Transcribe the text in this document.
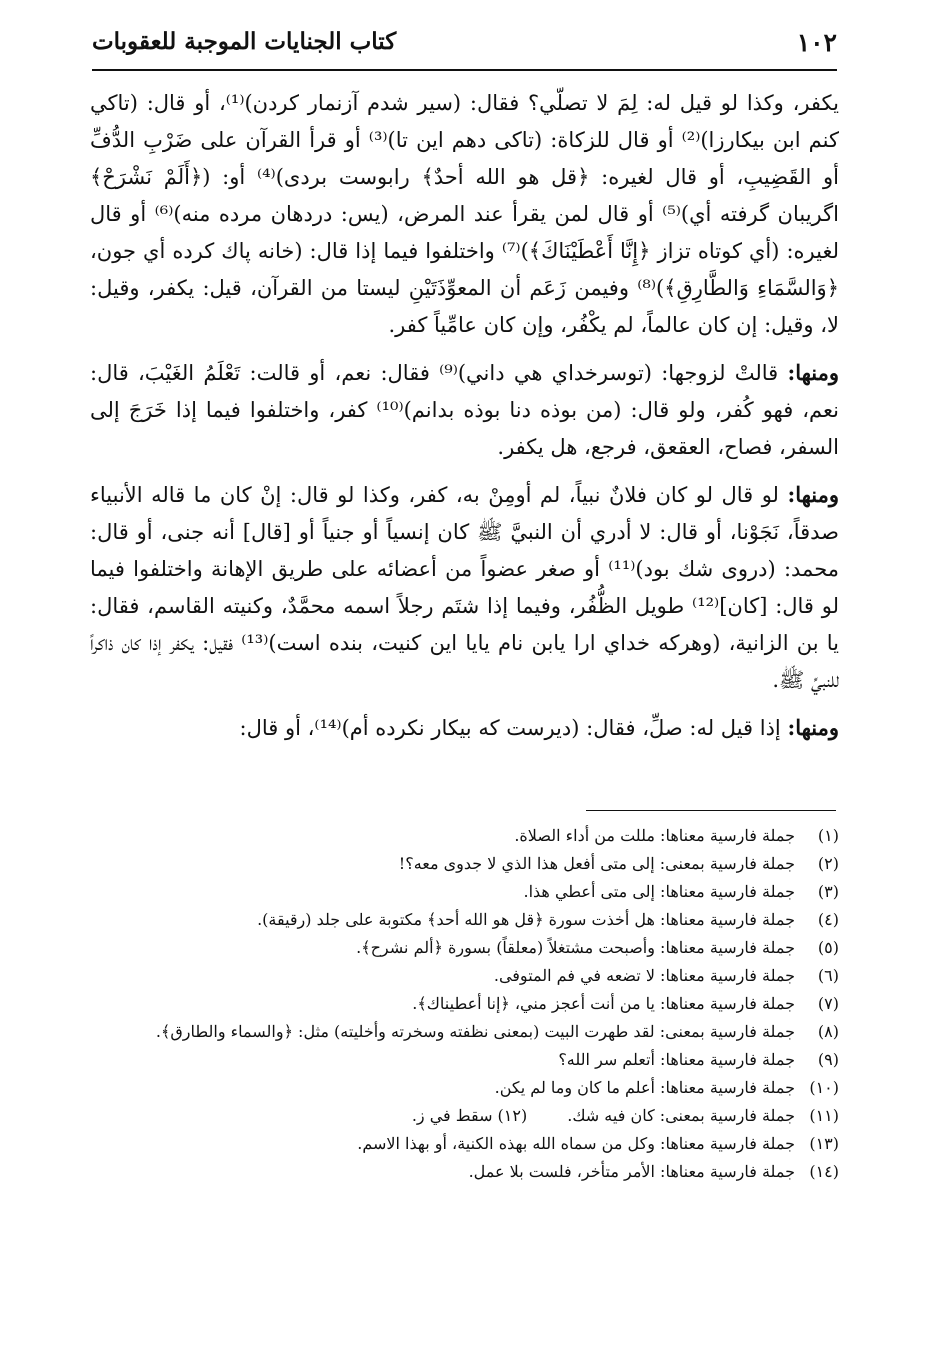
١٠٢
كتاب الجنايات الموجبة للعقوبات

يكفر، وكذا لو قيل له: لِمَ لا تصلّي؟ فقال: (سير شدم آزنمار كردن)⁽¹⁾، أو قال: (تاكي كنم ابن بيكارزا)⁽²⁾ أو قال للزكاة: (تاكى دهم اين تا)⁽³⁾ أو قرأ القرآن على ضَرْبِ الدُّفِّ أو القَضِيبِ، أو قال لغيره: ﴿قل هو الله أحدٌ﴾ رابوست بردى)⁽⁴⁾ أو: (﴿أَلَمْ نَشْرَحْ﴾ اگريبان گرفته أي)⁽⁵⁾ أو قال لمن يقرأ عند المرض، (يس: دردهان مرده منه)⁽⁶⁾ أو قال لغيره: (أي كوتاه تزاز ﴿إِنَّا أَعْطَيْنَاكَ﴾)⁽⁷⁾ واختلفوا فيما إذا قال: (خانه پاك كرده أي جون، ﴿وَالسَّمَاءِ وَالطَّارِقِ﴾)⁽⁸⁾ وفيمن زَعَم أن المعوِّذَتَيْنِ ليستا من القرآن، قيل: يكفر، وقيل: لا، وقيل: إن كان عالماً، لم يكْفُر، وإن كان عامِّياً كفر.

ومنها: قالتْ لزوجها: (توسرخداي هي داني)⁽⁹⁾ فقال: نعم، أو قالت: تَعْلَمُ الغَيْبَ، قال: نعم، فهو كُفر، ولو قال: (من بوذه دنا بوذه بدانم)⁽¹⁰⁾ كفر، واختلفوا فيما إذا خَرَجَ إلى السفر، فصاح، العقعق، فرجع، هل يكفر.

ومنها: لو قال لو كان فلانٌ نبياً، لم أومِنْ به، كفر، وكذا لو قال: إنْ كان ما قاله الأنبياء صدقاً، نَجَوْنا، أو قال: لا أدري أن النبيَّ ﷺ كان إنسياً أو جنياً أو [قال] أنه جنى، أو قال: محمد: (دروى شك بود)⁽¹¹⁾ أو صغر عضواً من أعضائه على طريق الإهانة واختلفوا فيما لو قال: [كان]⁽¹²⁾ طويل الظُّفُر، وفيما إذا شتَم رجلاً اسمه محمَّدٌ، وكنيته القاسم، فقال: يا بن الزانية، (وهركه خداي ارا يابن نام يايا اين كنيت، بنده است)⁽¹³⁾ فقيل: يكفر إذا كان ذاكراً للنبيِّ ﷺ.

ومنها: إذا قيل له: صلِّ، فقال: (ديرست كه بيكار نكرده أم)⁽¹⁴⁾، أو قال:

(١)
جملة فارسية معناها: مللت من أداء الصلاة.
(٢)
جملة فارسية بمعنى: إلى متى أفعل هذا الذي لا جدوى معه؟!
(٣)
جملة فارسية معناها: إلى متى أعطي هذا.
(٤)
جملة فارسية معناها: هل أخذت سورة ﴿قل هو الله أحد﴾ مكتوبة على جلد (رقيقة).
(٥)
جملة فارسية معناها: وأصبحت مشتغلاً (معلقاً) بسورة ﴿ألم نشرح﴾.
(٦)
جملة فارسية معناها: لا تضعه في فم المتوفى.
(٧)
جملة فارسية معناها: يا من أنت أعجز مني، ﴿إنا أعطيناك﴾.
(٨)
جملة فارسية بمعنى: لقد طهرت البيت (بمعنى نظفته وسخرته وأخليته) مثل: ﴿والسماء والطارق﴾.
(٩)
جملة فارسية معناها: أتعلم سر الله؟
(١٠)
جملة فارسية معناها: أعلم ما كان وما لم يكن.
(١١)
جملة فارسية بمعنى: كان فيه شك.(١٢) سقط في ز.
(١٣)
جملة فارسية معناها: وكل من سماه الله بهذه الكنية، أو بهذا الاسم.
(١٤)
جملة فارسية معناها: الأمر متأخر، فلست بلا عمل.
